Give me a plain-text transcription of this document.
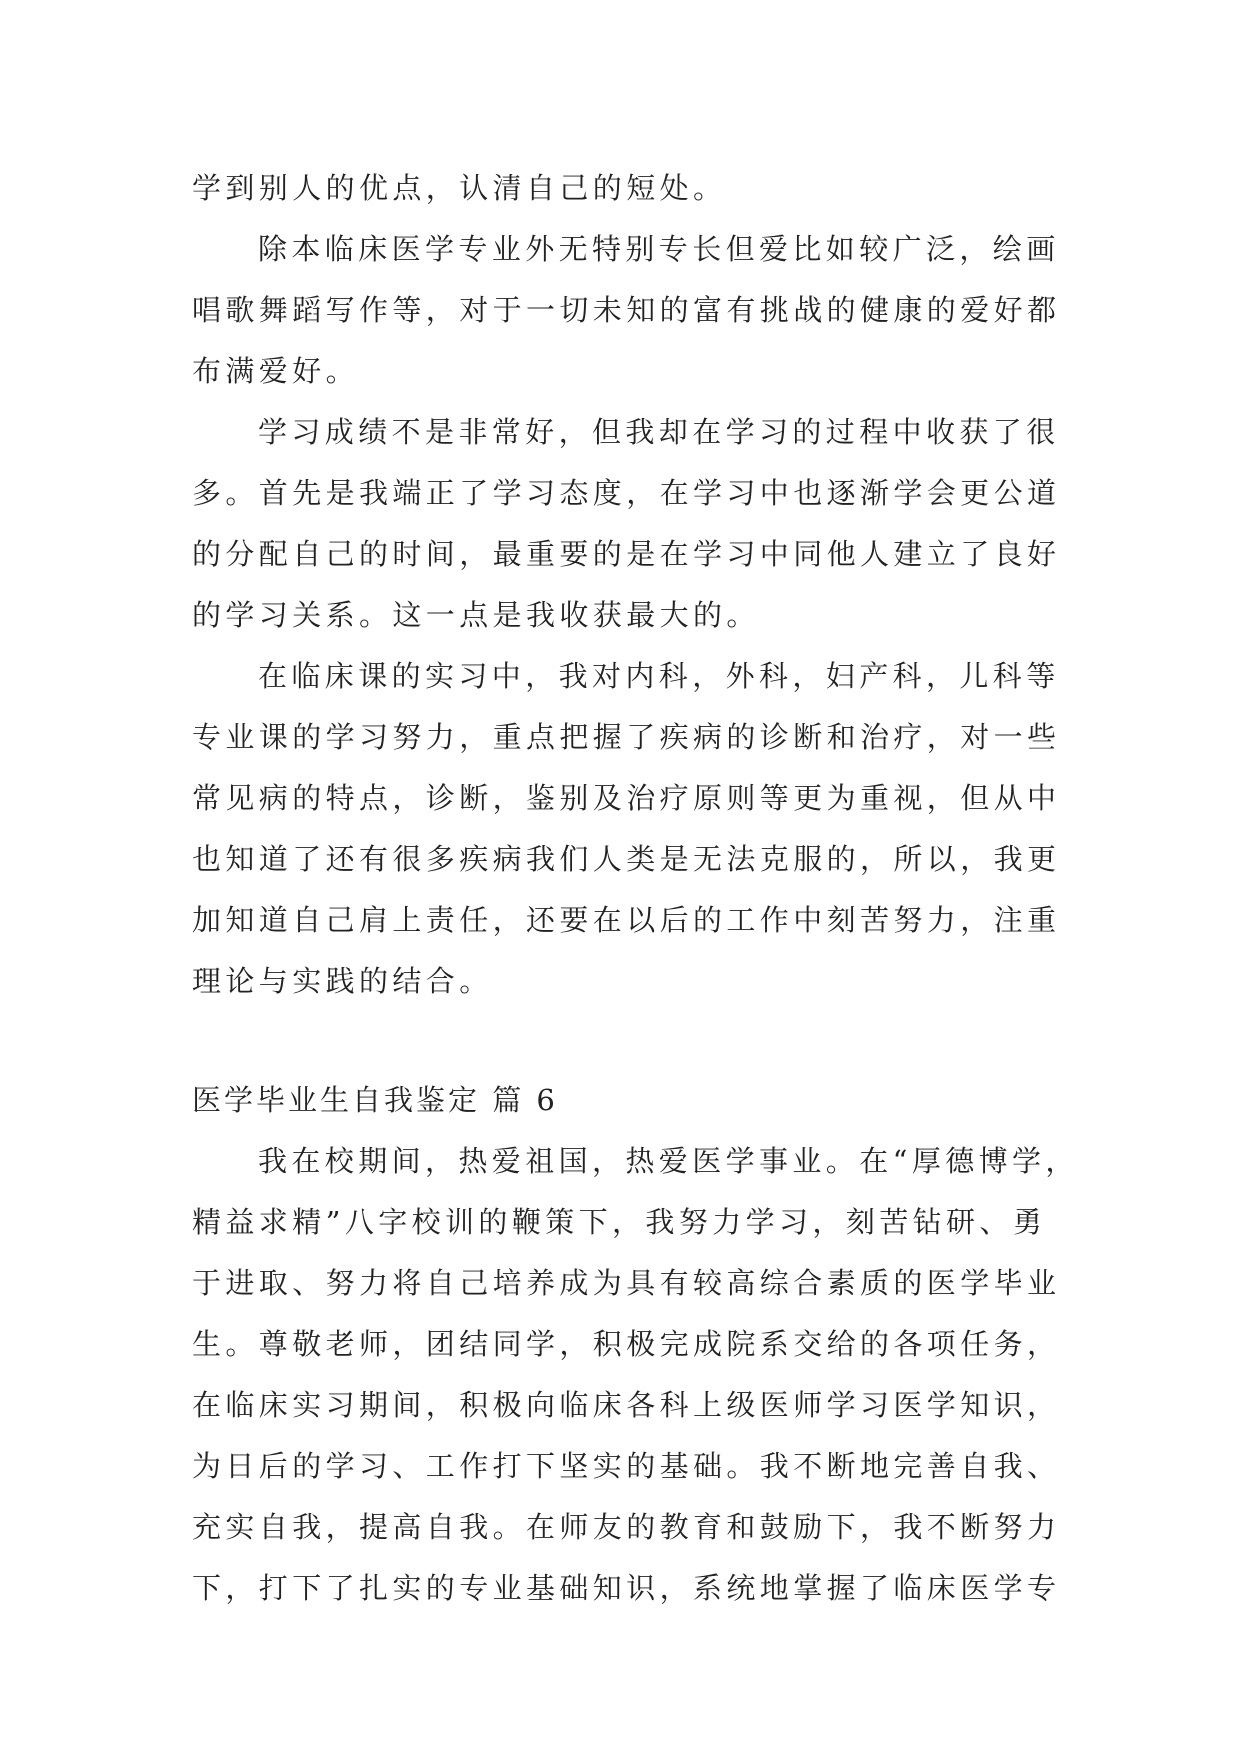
学到别人的优点，认清自己的短处。
除本临床医学专业外无特别专长但爱比如较广泛，绘画
唱歌舞蹈写作等，对于一切未知的富有挑战的健康的爱好都
布满爱好。
学习成绩不是非常好，但我却在学习的过程中收获了很
多。首先是我端正了学习态度，在学习中也逐渐学会更公道
的分配自己的时间，最重要的是在学习中同他人建立了良好
的学习关系。这一点是我收获最大的。
在临床课的实习中，我对内科，外科，妇产科，儿科等
专业课的学习努力，重点把握了疾病的诊断和治疗，对一些
常见病的特点，诊断，鉴别及治疗原则等更为重视，但从中
也知道了还有很多疾病我们人类是无法克服的，所以，我更
加知道自己肩上责任，还要在以后的工作中刻苦努力，注重
理论与实践的结合。
医学毕业生自我鉴定 篇 6
我在校期间，热爱祖国，热爱医学事业。在“厚德博学，
精益求精”八字校训的鞭策下，我努力学习，刻苦钻研、勇
于进取、努力将自己培养成为具有较高综合素质的医学毕业
生。尊敬老师，团结同学，积极完成院系交给的各项任务，
在临床实习期间，积极向临床各科上级医师学习医学知识，
为日后的学习、工作打下坚实的基础。我不断地完善自我、
充实自我，提高自我。在师友的教育和鼓励下，我不断努力
下，打下了扎实的专业基础知识，系统地掌握了临床医学专
